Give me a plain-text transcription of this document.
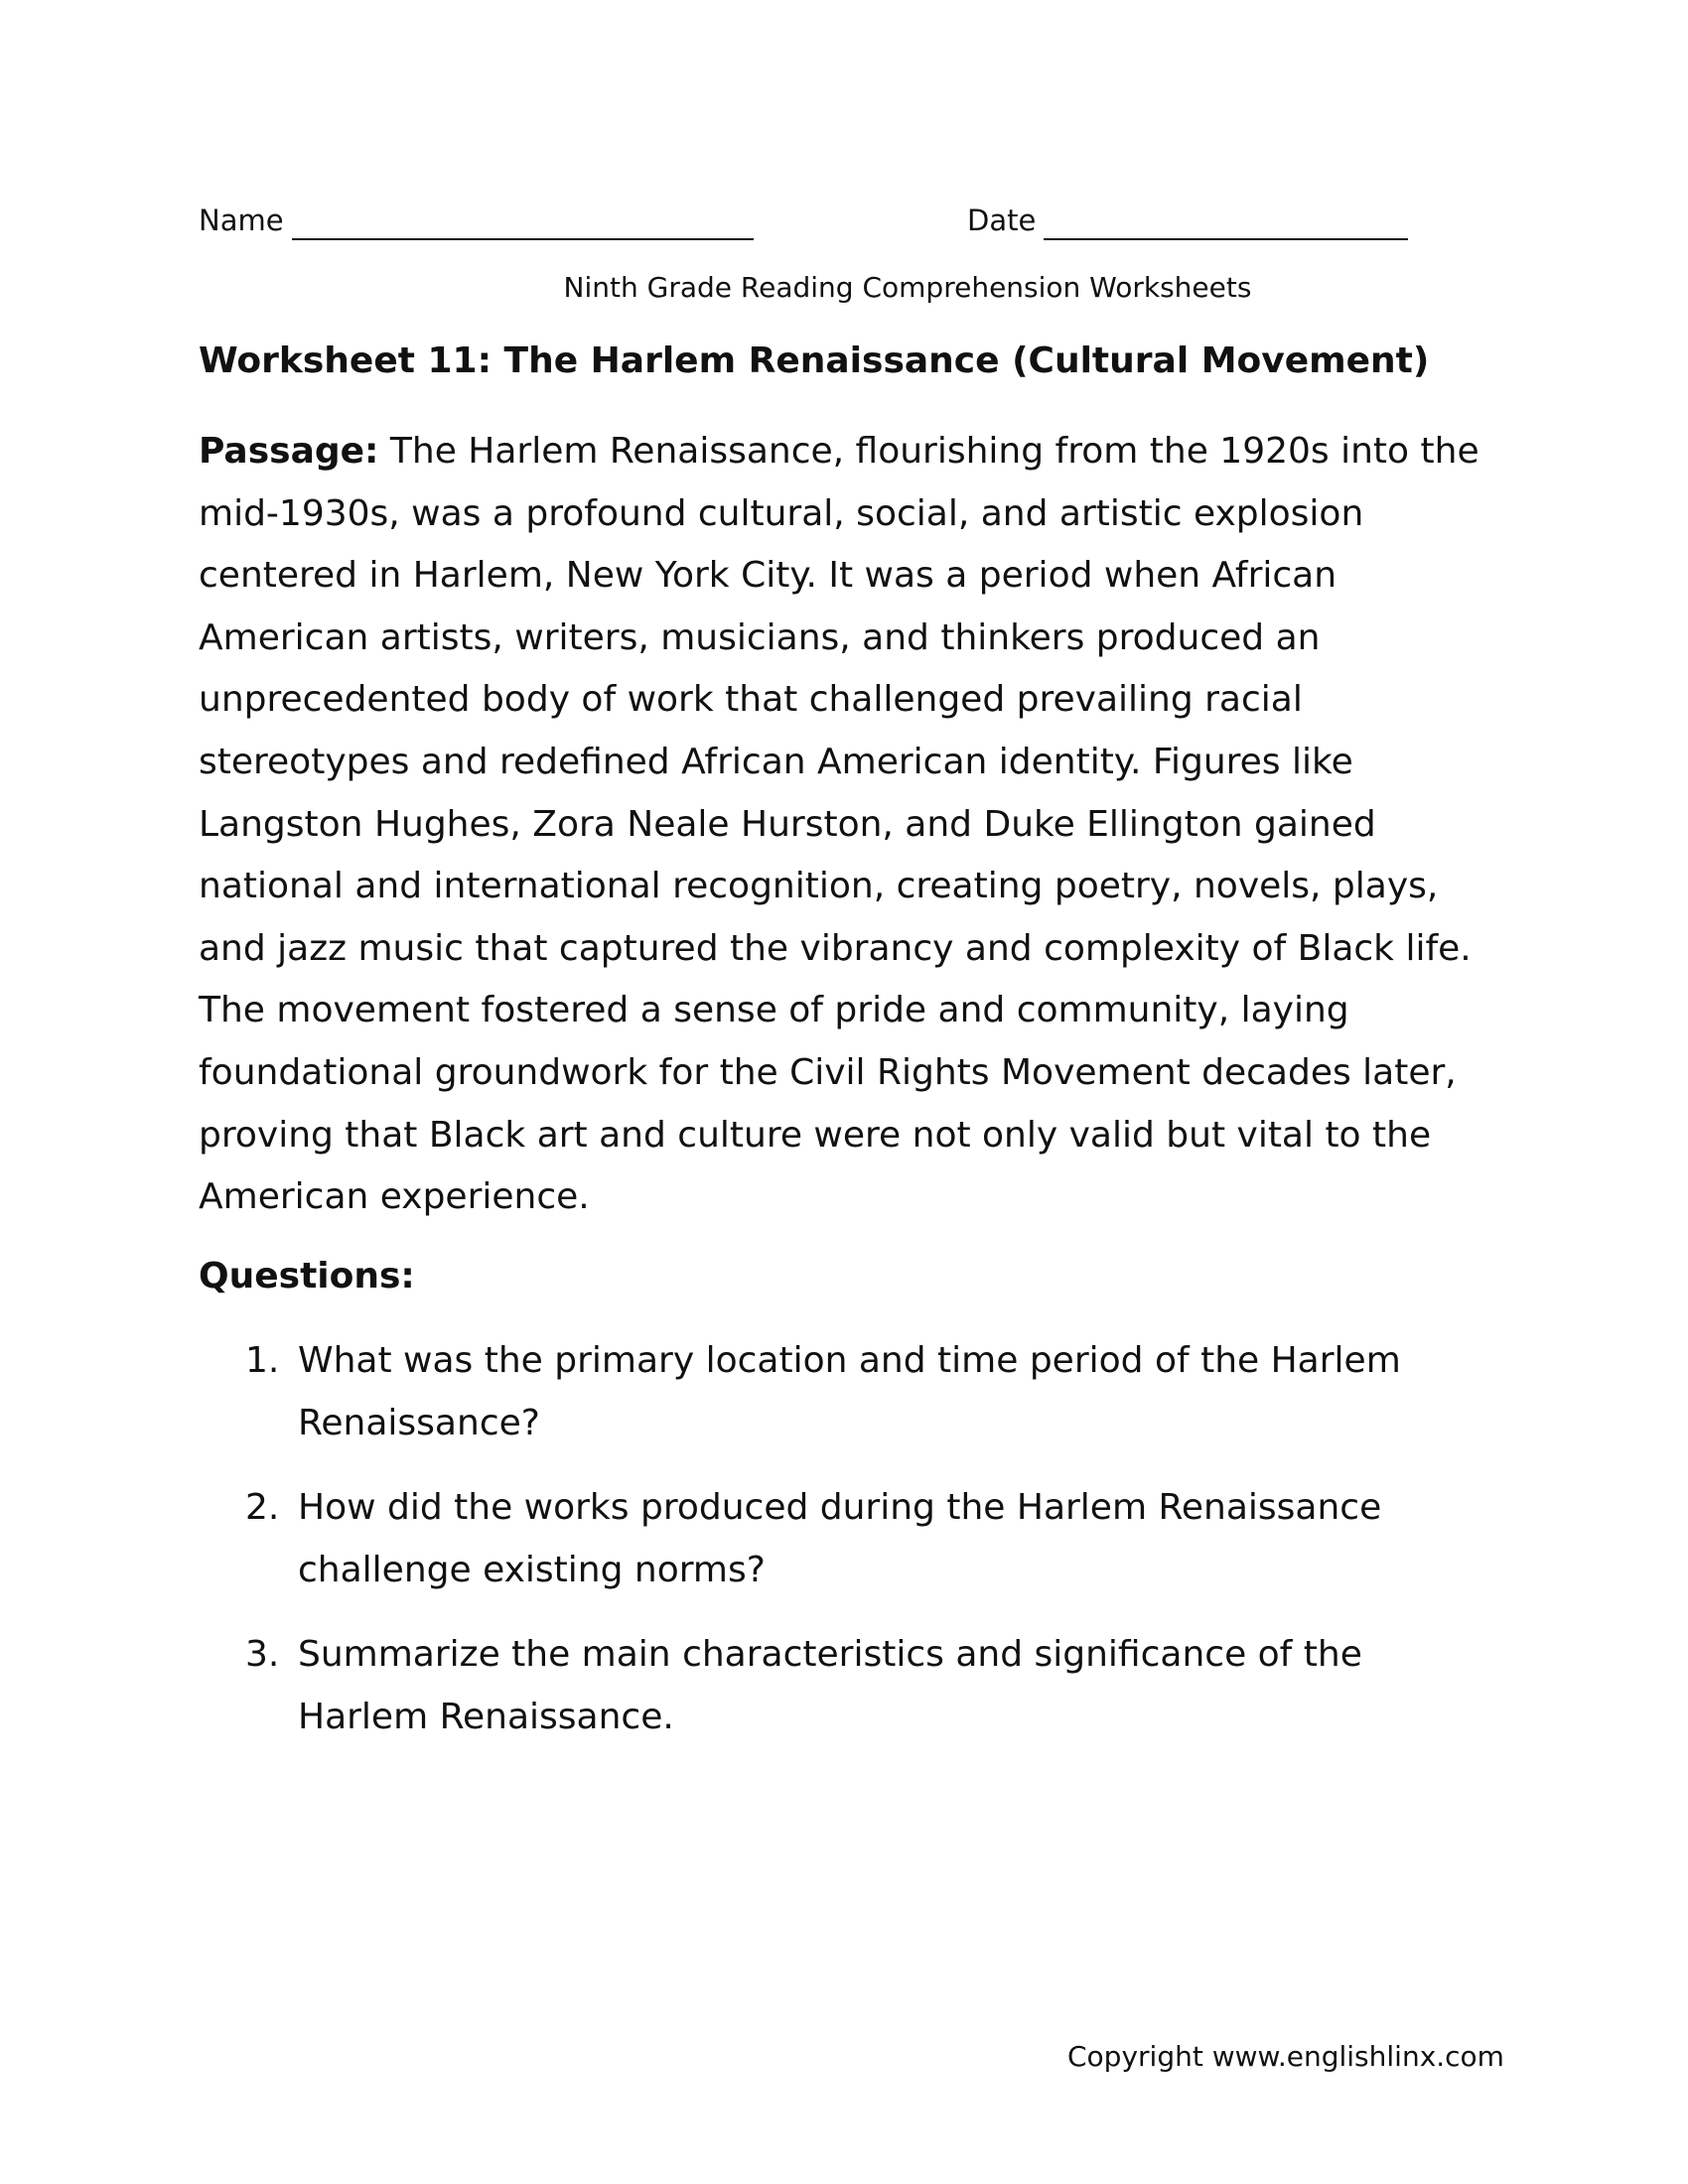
Name	Date
Ninth Grade Reading Comprehension Worksheets
Worksheet 11: The Harlem Renaissance (Cultural Movement)

Passage: The Harlem Renaissance, flourishing from the 1920s into the mid-1930s, was a profound cultural, social, and artistic explosion centered in Harlem, New York City. It was a period when African American artists, writers, musicians, and thinkers produced an unprecedented body of work that challenged prevailing racial stereotypes and redefined African American identity. Figures like Langston Hughes, Zora Neale Hurston, and Duke Ellington gained national and international recognition, creating poetry, novels, plays, and jazz music that captured the vibrancy and complexity of Black life. The movement fostered a sense of pride and community, laying foundational groundwork for the Civil Rights Movement decades later, proving that Black art and culture were not only valid but vital to the American experience.

Questions:
1. What was the primary location and time period of the Harlem Renaissance?
2. How did the works produced during the Harlem Renaissance challenge existing norms?
3. Summarize the main characteristics and significance of the Harlem Renaissance.
Copyright www.englishlinx.com
